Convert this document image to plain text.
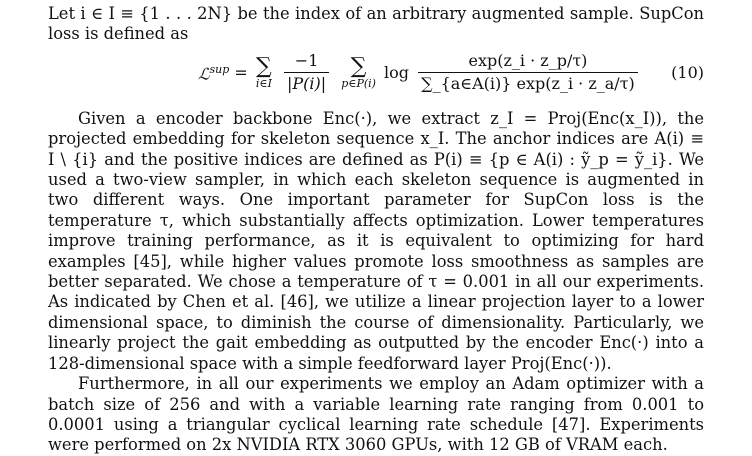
Let i ∈ I ≡ {1 . . . 2N} be the index of an arbitrary augmented sample. SupCon loss is defined as

ℒ$^{sup}$ = ∑
i∈I
$\frac{-1}{|P(i)|}$
∑
p∈P(i)
$\log \frac{\exp(z\_i \cdot z\_p/\tau)}{\sum\_\{a\in A(i)\} \exp(z\_i \cdot z\_a/\tau)} (10)$

Given a encoder backbone Enc(·), we extract z_I = Proj(Enc(x_I)), the projected embedding for skeleton sequence x_I. The anchor indices are A(i) ≡ I \ {i} and the positive indices are defined as P(i) ≡ {p ∈ A(i) : ỹ_p = ỹ_i}. We used a two-view sampler, in which each skeleton sequence is augmented in two different ways. One important parameter for SupCon loss is the temperature τ, which substantially affects optimization. Lower temperatures improve training performance, as it is equivalent to optimizing for hard examples [45], while higher values promote loss smoothness as samples are better separated. We chose a temperature of τ = 0.001 in all our experiments. As indicated by Chen et al. [46], we utilize a linear projection layer to a lower dimensional space, to diminish the course of dimensionality. Particularly, we linearly project the gait embedding as outputted by the encoder Enc(·) into a 128-dimensional space with a simple feedforward layer Proj(Enc(·)).

Furthermore, in all our experiments we employ an Adam optimizer with a batch size of 256 and with a variable learning rate ranging from 0.001 to 0.0001 using a triangular cyclical learning rate schedule [47]. Experiments were performed on 2x NVIDIA RTX 3060 GPUs, with 12 GB of VRAM each.
